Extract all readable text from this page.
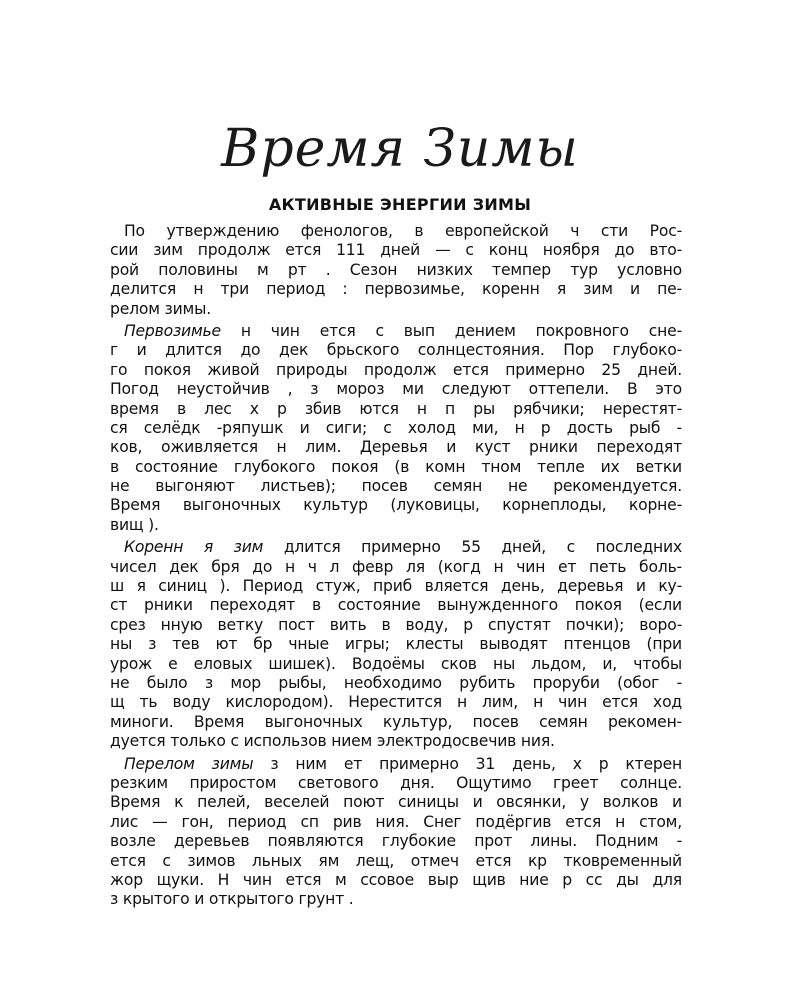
Время Зимы
АКТИВНЫЕ ЭНЕРГИИ ЗИМЫ
По утверждению фенологов, в европейской ч сти Рос-
сии зим продолж ется 111 дней — с конц ноября до вто-
рой половины м рт . Сезон низких темпер тур условно
делится н три период : первозимье, коренн я зим и пе-
релом зимы.
Первозимье н чин ется с вып дением покровного сне-
г и длится до дек брьского солнцестояния. Пор глубоко-
го покоя живой природы продолж ется примерно 25 дней.
Погод неустойчив , з мороз ми следуют оттепели. В это
время в лес х р збив ются н п ры рябчики; нерестят-
ся селёдк -ряпушк и сиги; с холод ми, н р дость рыб -
ков, оживляется н лим. Деревья и куст рники переходят
в состояние глубокого покоя (в комн тном тепле их ветки
не выгоняют листьев); посев семян не рекомендуется.
Время выгоночных культур (луковицы, корнеплоды, корне-
вищ ).
Коренн я зим длится примерно 55 дней, с последних
чисел дек бря до н ч л февр ля (когд н чин ет петь боль-
ш я синиц ). Период стуж, приб вляется день, деревья и ку-
ст рники переходят в состояние вынужденного покоя (если
срез нную ветку пост вить в воду, р спустят почки); воро-
ны з тев ют бр чные игры; клесты выводят птенцов (при
урож е еловых шишек). Водоёмы сков ны льдом, и, чтобы
не было з мор рыбы, необходимо рубить проруби (обог -
щ ть воду кислородом). Нерестится н лим, н чин ется ход
миноги. Время выгоночных культур, посев семян рекомен-
дуется только с использов нием электродосвечив ния.
Перелом зимы з ним ет примерно 31 день, х р ктерен
резким приростом светового дня. Ощутимо греет солнце.
Время к пелей, веселей поют синицы и овсянки, у волков и
лис — гон, период сп рив ния. Снег подёргив ется н стом,
возле деревьев появляются глубокие прот лины. Подним -
ется с зимов льных ям лещ, отмеч ется кр тковременный
жор щуки. Н чин ется м ссовое выр щив ние р сс ды для
з крытого и открытого грунт .
